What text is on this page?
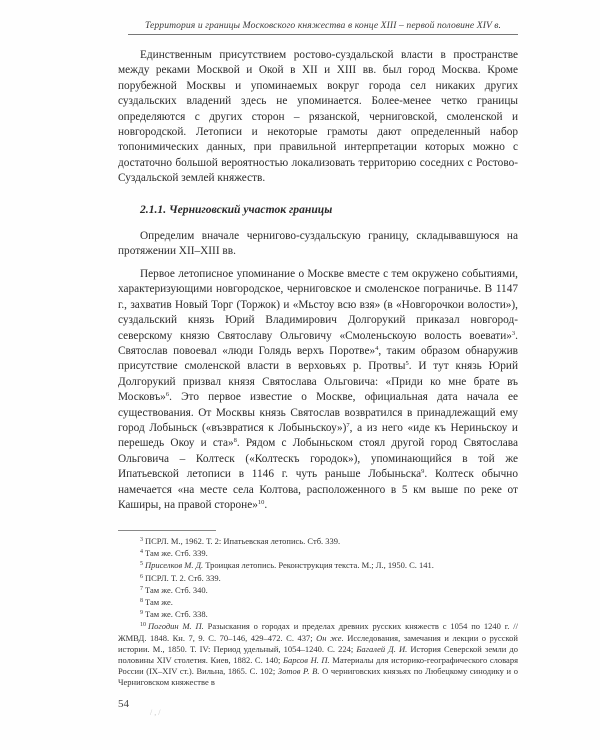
Территория и границы Московского княжества в конце XIII – первой половине XIV в.

Единственным присутствием ростово-суздальской власти в пространстве между реками Москвой и Окой в XII и XIII вв. был город Москва. Кроме порубежной Москвы и упоминаемых вокруг города сел никаких других суздальских владений здесь не упоминается. Более-менее четко границы определяются с других сторон – рязанской, черниговской, смоленской и новгородской. Летописи и некоторые грамоты дают определенный набор топонимических данных, при правильной интерпретации которых можно с достаточно большой вероятностью локализовать территорию соседних с Ростово-Суздальской землей княжеств.

2.1.1. Черниговский участок границы

Определим вначале чернигово-суздальскую границу, складывавшуюся на протяжении XII–XIII вв.

Первое летописное упоминание о Москве вместе с тем окружено событиями, характеризующими новгородское, черниговское и смоленское пограничье. В 1147 г., захватив Новый Торг (Торжок) и «Мьстоу всю взя» (в «Новгорочкои волости»), суздальский князь Юрий Владимирович Долгорукий приказал новгород-северскому князю Святославу Ольговичу «Смоленьскоую волость воевати»$^3$. Святослав повоевал «люди Голядь верхъ Поротве»$^4$, таким образом обнаружив присутствие смоленской власти в верховьях р. Протвы$^5$. И тут князь Юрий Долгорукий призвал князя Святослава Ольговича: «Приди ко мне брате въ Московъ»$^6$. Это первое известие о Москве, официальная дата начала ее существования. От Москвы князь Святослав возвратился в принадлежащий ему город Лобыньск («възвратися к Лобыньскоу»)$^7$, а из него «иде къ Нериньскоу и перешедь Окоу и ста»$^8$. Рядом с Лобыньском стоял другой город Святослава Ольговича – Колтеск («Колтескъ городок»), упоминающийся в той же Ипатьевской летописи в 1146 г. чуть раньше Лобыньска$^9$. Колтеск обычно намечается «на месте села Колтова, расположенного в 5 км выше по реке от Каширы, на правой стороне»$^{10}$.

$^3$ ПСРЛ. М., 1962. Т. 2: Ипатьевская летопись. Стб. 339.
$^4$ Там же. Стб. 339.
$^5$ Приселков М. Д. Троицкая летопись. Реконструкция текста. М.; Л., 1950. С. 141.
$^6$ ПСРЛ. Т. 2. Стб. 339.
$^7$ Там же. Стб. 340.
$^8$ Там же.
$^9$ Там же. Стб. 338.
$^{10}$ Погодин М. П. Разыскания о городах и пределах древних русских княжеств с 1054 по 1240 г. // ЖМВД. 1848. Кн. 7, 9. С. 70–146, 429–472. С. 437; Он же. Исследования, замечания и лекции о русской истории. М., 1850. Т. IV: Период удельный, 1054–1240. С. 224; Багалей Д. И. История Северской земли до половины XIV столетия. Киев, 1882. С. 140; Барсов Н. П. Материалы для историко-географического словаря России (IX–XIV ст.). Вильна, 1865. С. 102; Зотов Р. В. О черниговских князьях по Любецкому синодику и о Черниговском княжестве в
54
/ , /
